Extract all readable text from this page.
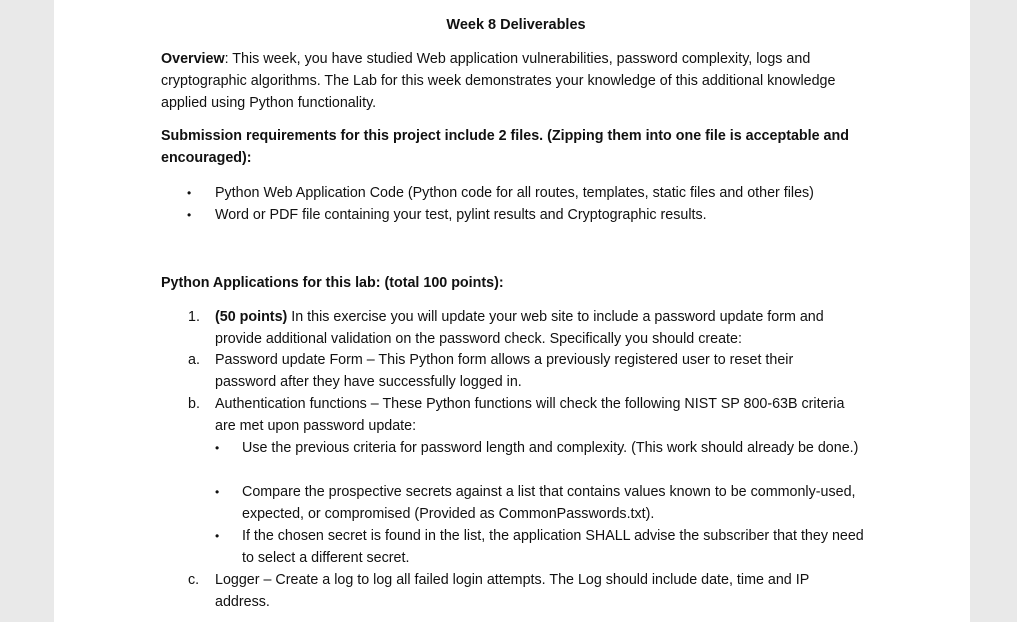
Week 8 Deliverables
Overview: This week, you have studied Web application vulnerabilities, password complexity, logs and cryptographic algorithms. The Lab for this week demonstrates your knowledge of this additional knowledge applied using Python functionality.
Submission requirements for this project include 2 files. (Zipping them into one file is acceptable and encouraged):
• Python Web Application Code (Python code for all routes, templates, static files and other files)
• Word or PDF file containing your test, pylint results and Cryptographic results.
Python Applications for this lab: (total 100 points):
1. (50 points) In this exercise you will update your web site to include a password update form and provide additional validation on the password check. Specifically you should create:
a. Password update Form – This Python form allows a previously registered user to reset their password after they have successfully logged in.
b. Authentication functions – These Python functions will check the following NIST SP 800-63B criteria are met upon password update:
• Use the previous criteria for password length and complexity. (This work should already be done.)
• Compare the prospective secrets against a list that contains values known to be commonly-used, expected, or compromised (Provided as CommonPasswords.txt).
• If the chosen secret is found in the list, the application SHALL advise the subscriber that they need to select a different secret.
c. Logger – Create a log to log all failed login attempts. The Log should include date, time and IP address.
